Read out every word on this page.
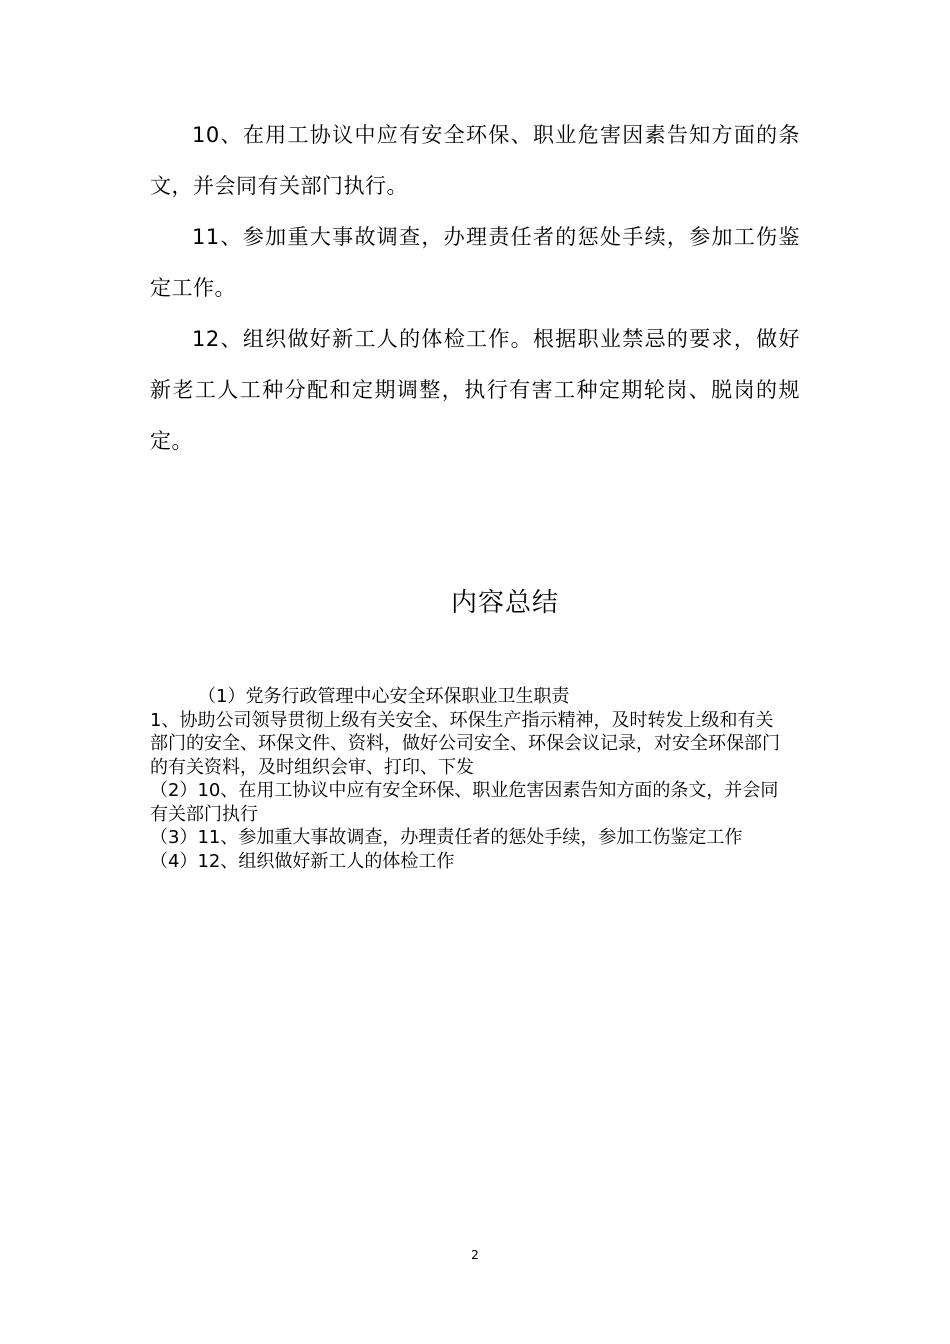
10、在用工协议中应有安全环保、职业危害因素告知方面的条文，并会同有关部门执行。

11、参加重大事故调查，办理责任者的惩处手续，参加工伤鉴定工作。

12、组织做好新工人的体检工作。根据职业禁忌的要求，做好新老工人工种分配和定期调整，执行有害工种定期轮岗、脱岗的规定。

内容总结

（1）党务行政管理中心安全环保职业卫生职责

1、协助公司领导贯彻上级有关安全、环保生产指示精神，及时转发上级和有关部门的安全、环保文件、资料，做好公司安全、环保会议记录，对安全环保部门的有关资料，及时组织会审、打印、下发

（2）10、在用工协议中应有安全环保、职业危害因素告知方面的条文，并会同有关部门执行

（3）11、参加重大事故调查，办理责任者的惩处手续，参加工伤鉴定工作

（4）12、组织做好新工人的体检工作

2
